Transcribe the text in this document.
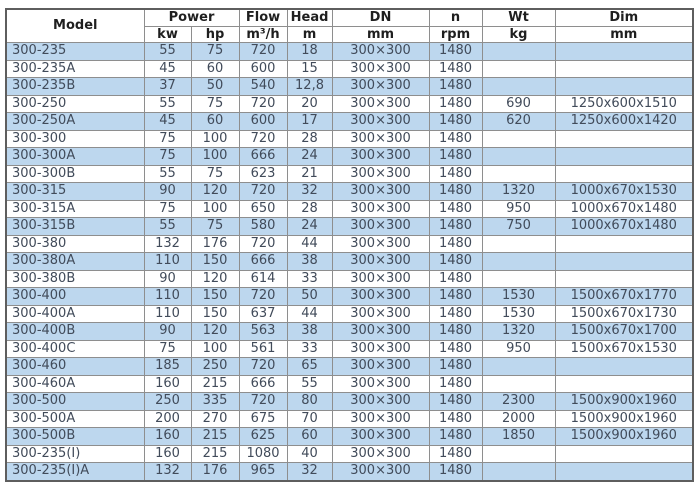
Model	Power		Flow	Head	DN	n	Wt	Dim
	kw	hp	m³/h	m	mm	rpm	kg	mm
300-235	55	75	720	18	300×300	1480		
300-235A	45	60	600	15	300×300	1480		
300-235B	37	50	540	12,8	300×300	1480		
300-250	55	75	720	20	300×300	1480	690	1250x600x1510
300-250A	45	60	600	17	300×300	1480	620	1250x600x1420
300-300	75	100	720	28	300×300	1480		
300-300A	75	100	666	24	300×300	1480		
300-300B	55	75	623	21	300×300	1480		
300-315	90	120	720	32	300×300	1480	1320	1000x670x1530
300-315A	75	100	650	28	300×300	1480	950	1000x670x1480
300-315B	55	75	580	24	300×300	1480	750	1000x670x1480
300-380	132	176	720	44	300×300	1480		
300-380A	110	150	666	38	300×300	1480		
300-380B	90	120	614	33	300×300	1480		
300-400	110	150	720	50	300×300	1480	1530	1500x670x1770
300-400A	110	150	637	44	300×300	1480	1530	1500x670x1730
300-400B	90	120	563	38	300×300	1480	1320	1500x670x1700
300-400C	75	100	561	33	300×300	1480	950	1500x670x1530
300-460	185	250	720	65	300×300	1480		
300-460A	160	215	666	55	300×300	1480		
300-500	250	335	720	80	300×300	1480	2300	1500x900x1960
300-500A	200	270	675	70	300×300	1480	2000	1500x900x1960
300-500B	160	215	625	60	300×300	1480	1850	1500x900x1960
300-235(I)	160	215	1080	40	300×300	1480		
300-235(I)A	132	176	965	32	300×300	1480		
